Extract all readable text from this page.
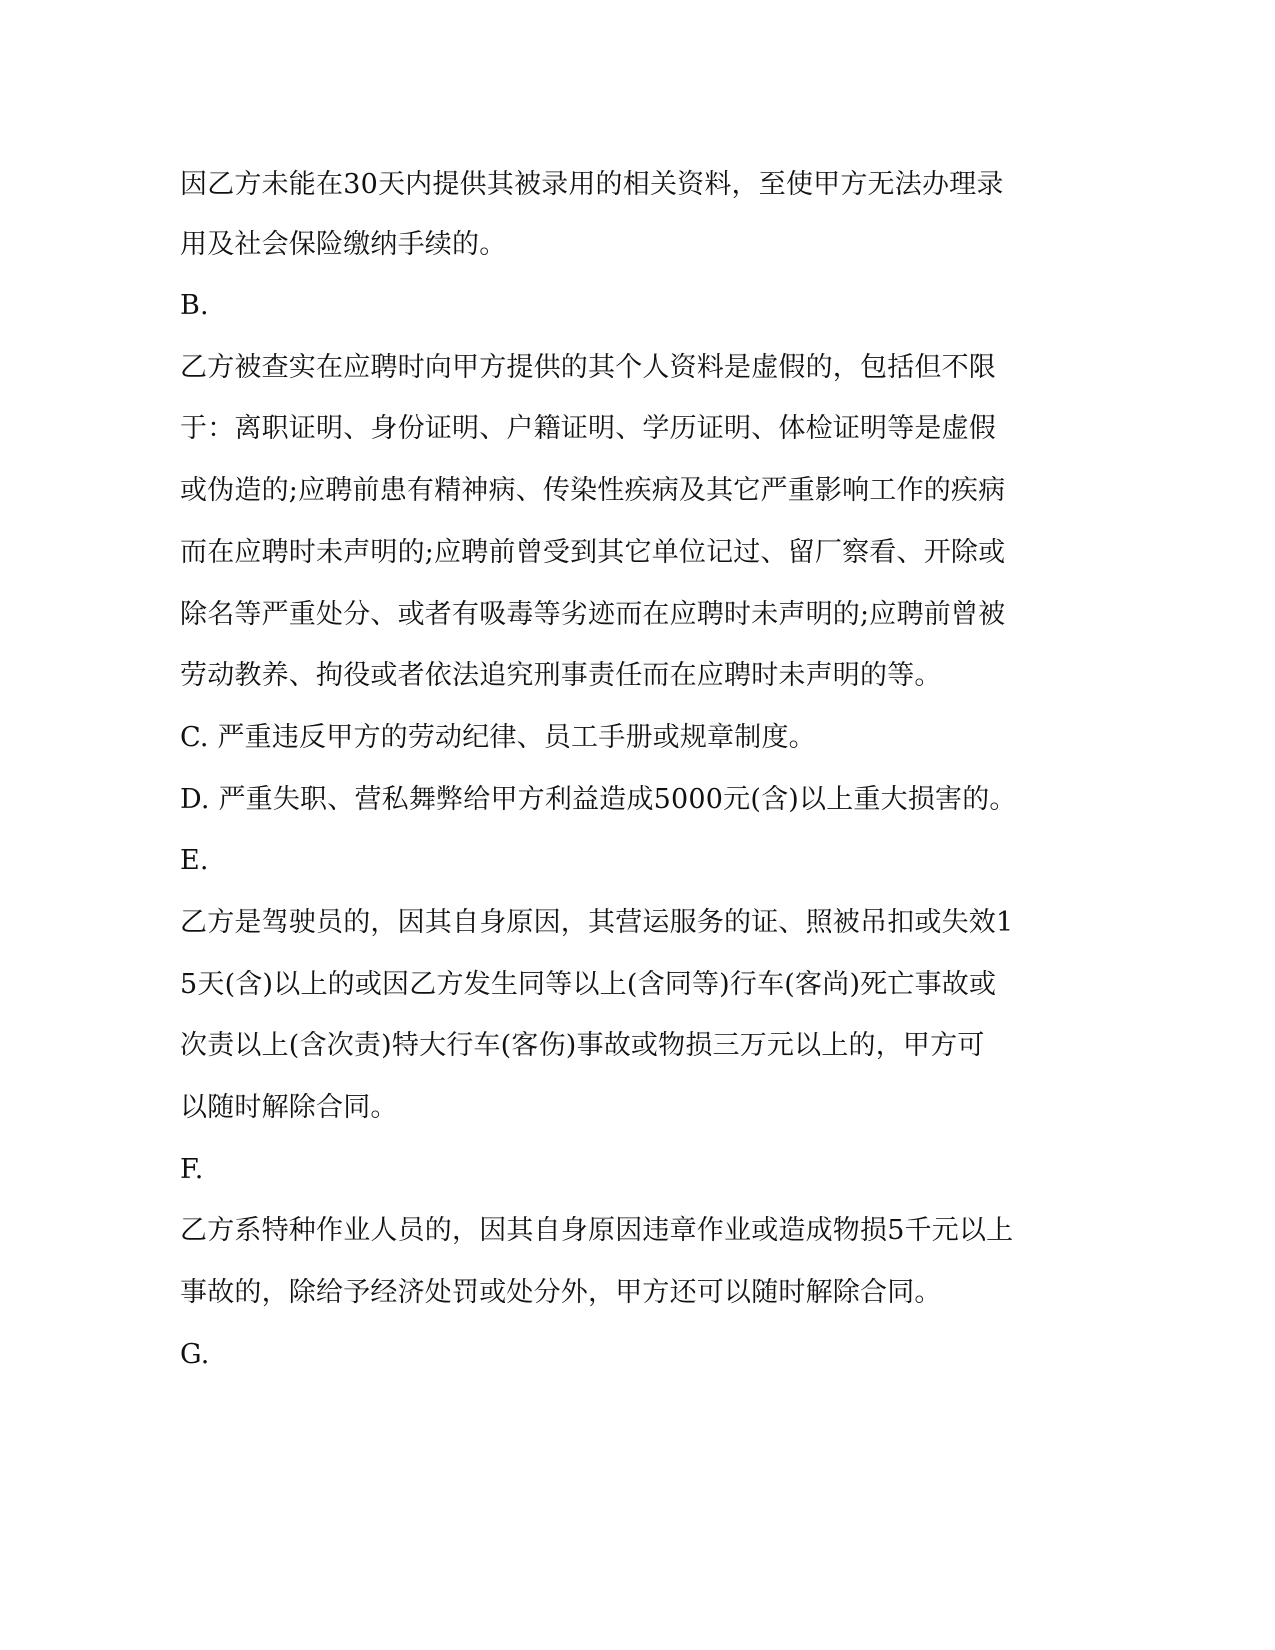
因乙方未能在30天内提供其被录用的相关资料，至使甲方无法办理录
用及社会保险缴纳手续的。
B.
乙方被查实在应聘时向甲方提供的其个人资料是虚假的，包括但不限
于：离职证明、身份证明、户籍证明、学历证明、体检证明等是虚假
或伪造的;应聘前患有精神病、传染性疾病及其它严重影响工作的疾病
而在应聘时未声明的;应聘前曾受到其它单位记过、留厂察看、开除或
除名等严重处分、或者有吸毒等劣迹而在应聘时未声明的;应聘前曾被
劳动教养、拘役或者依法追究刑事责任而在应聘时未声明的等。
C. 严重违反甲方的劳动纪律、员工手册或规章制度。
D. 严重失职、营私舞弊给甲方利益造成5000元(含)以上重大损害的。
E.
乙方是驾驶员的，因其自身原因，其营运服务的证、照被吊扣或失效1
5天(含)以上的或因乙方发生同等以上(含同等)行车(客尚)死亡事故或
次责以上(含次责)特大行车(客伤)事故或物损三万元以上的，甲方可
以随时解除合同。
F.
乙方系特种作业人员的，因其自身原因违章作业或造成物损5千元以上
事故的，除给予经济处罚或处分外，甲方还可以随时解除合同。
G.
